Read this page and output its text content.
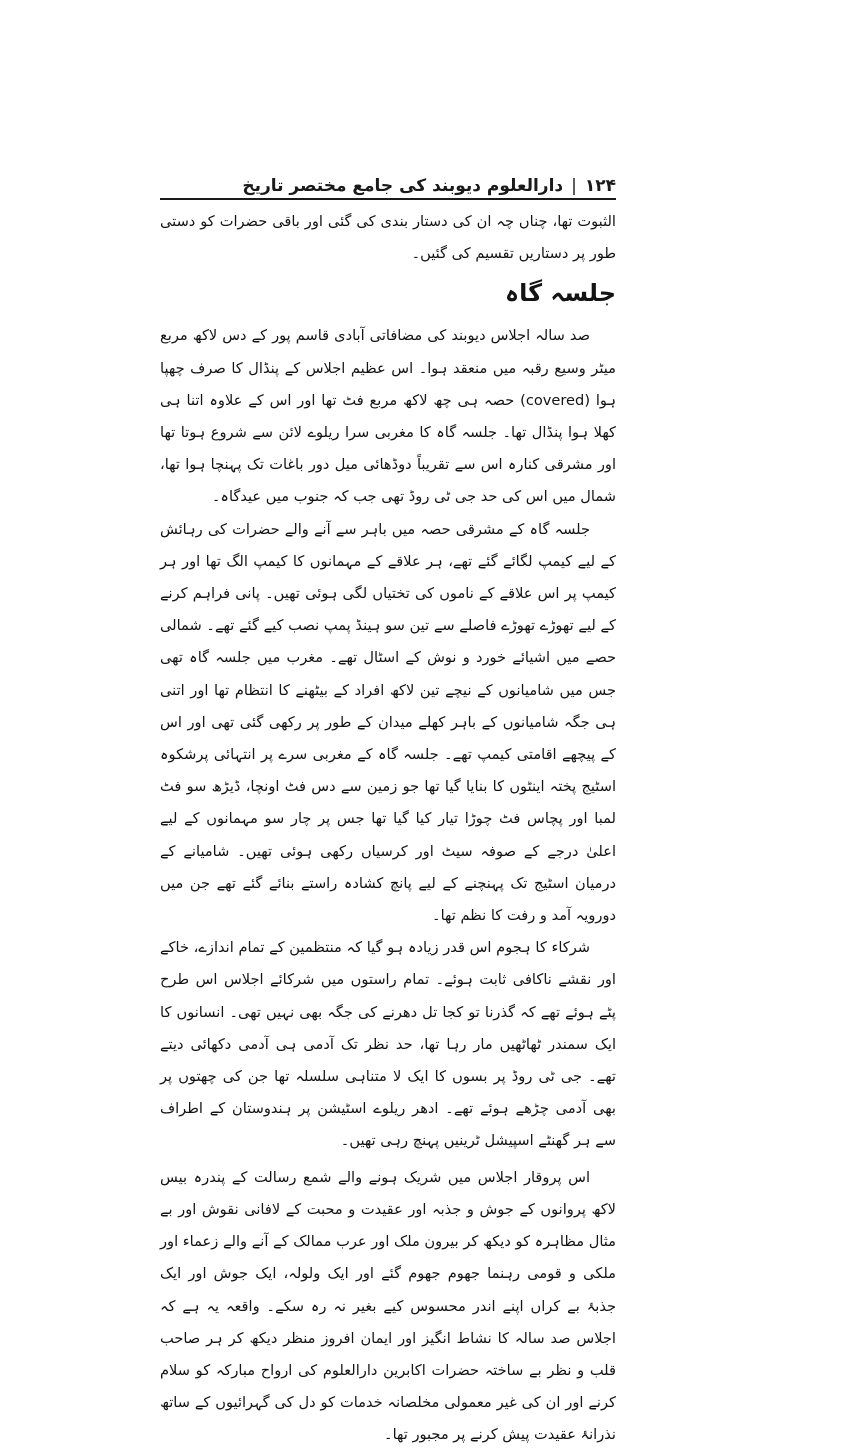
۱۲۴
|
دارالعلوم دیوبند کی جامع مختصر تاریخ

الثبوت تھا، چناں چہ ان کی دستار بندی کی گئی اور باقی حضرات کو دستی طور پر دستاریں تقسیم کی گئیں۔

جلسہ گاہ

صد سالہ اجلاس دیوبند کی مضافاتی آبادی قاسم پور کے دس لاکھ مربع میٹر وسیع رقبہ میں منعقد ہوا۔ اس عظیم اجلاس کے پنڈال کا صرف چھپا ہوا (covered) حصہ ہی چھ لاکھ مربع فٹ تھا اور اس کے علاوہ اتنا ہی کھلا ہوا پنڈال تھا۔ جلسہ گاہ کا مغربی سرا ریلوے لائن سے شروع ہوتا تھا اور مشرقی کنارہ اس سے تقریباً دوڈھائی میل دور باغات تک پہنچا ہوا تھا، شمال میں اس کی حد جی ٹی روڈ تھی جب کہ جنوب میں عیدگاہ۔

جلسہ گاہ کے مشرقی حصہ میں باہر سے آنے والے حضرات کی رہائش کے لیے کیمپ لگائے گئے تھے، ہر علاقے کے مہمانوں کا کیمپ الگ تھا اور ہر کیمپ پر اس علاقے کے ناموں کی تختیاں لگی ہوئی تھیں۔ پانی فراہم کرنے کے لیے تھوڑے تھوڑے فاصلے سے تین سو ہینڈ پمپ نصب کیے گئے تھے۔ شمالی حصے میں اشیائے خورد و نوش کے اسٹال تھے۔ مغرب میں جلسہ گاہ تھی جس میں شامیانوں کے نیچے تین لاکھ افراد کے بیٹھنے کا انتظام تھا اور اتنی ہی جگہ شامیانوں کے باہر کھلے میدان کے طور پر رکھی گئی تھی اور اس کے پیچھے اقامتی کیمپ تھے۔ جلسہ گاہ کے مغربی سرے پر انتہائی پرشکوہ اسٹیج پختہ اینٹوں کا بنایا گیا تھا جو زمین سے دس فٹ اونچا، ڈیڑھ سو فٹ لمبا اور پچاس فٹ چوڑا تیار کیا گیا تھا جس پر چار سو مہمانوں کے لیے اعلیٰ درجے کے صوفہ سیٹ اور کرسیاں رکھی ہوئی تھیں۔ شامیانے کے درمیان اسٹیج تک پہنچنے کے لیے پانچ کشادہ راستے بنائے گئے تھے جن میں دورویہ آمد و رفت کا نظم تھا۔

شرکاء کا ہجوم اس قدر زیادہ ہو گیا کہ منتظمین کے تمام اندازے، خاکے اور نقشے ناکافی ثابت ہوئے۔ تمام راستوں میں شرکائے اجلاس اس طرح پٹے ہوئے تھے کہ گذرنا تو کجا تل دھرنے کی جگہ بھی نہیں تھی۔ انسانوں کا ایک سمندر ٹھاٹھیں مار رہا تھا، حد نظر تک آدمی ہی آدمی دکھائی دیتے تھے۔ جی ٹی روڈ پر بسوں کا ایک لا متناہی سلسلہ تھا جن کی چھتوں پر بھی آدمی چڑھے ہوئے تھے۔ ادھر ریلوے اسٹیشن پر ہندوستان کے اطراف سے ہر گھنٹے اسپیشل ٹرینیں پہنچ رہی تھیں۔

اس پروقار اجلاس میں شریک ہونے والے شمع رسالت کے پندرہ بیس لاکھ پروانوں کے جوش و جذبہ اور عقیدت و محبت کے لافانی نقوش اور بے مثال مظاہرہ کو دیکھ کر بیرون ملک اور عرب ممالک کے آنے والے زعماء اور ملکی و قومی رہنما جھوم جھوم گئے اور ایک ولولہ، ایک جوش اور ایک جذبۂ بے کراں اپنے اندر محسوس کیے بغیر نہ رہ سکے۔ واقعہ یہ ہے کہ اجلاس صد سالہ کا نشاط انگیز اور ایمان افروز منظر دیکھ کر ہر صاحب قلب و نظر بے ساختہ حضرات اکابرین دارالعلوم کی ارواح مبارکہ کو سلام کرنے اور ان کی غیر معمولی مخلصانہ خدمات کو دل کی گہرائیوں کے ساتھ نذرانۂ عقیدت پیش کرنے پر مجبور تھا۔
